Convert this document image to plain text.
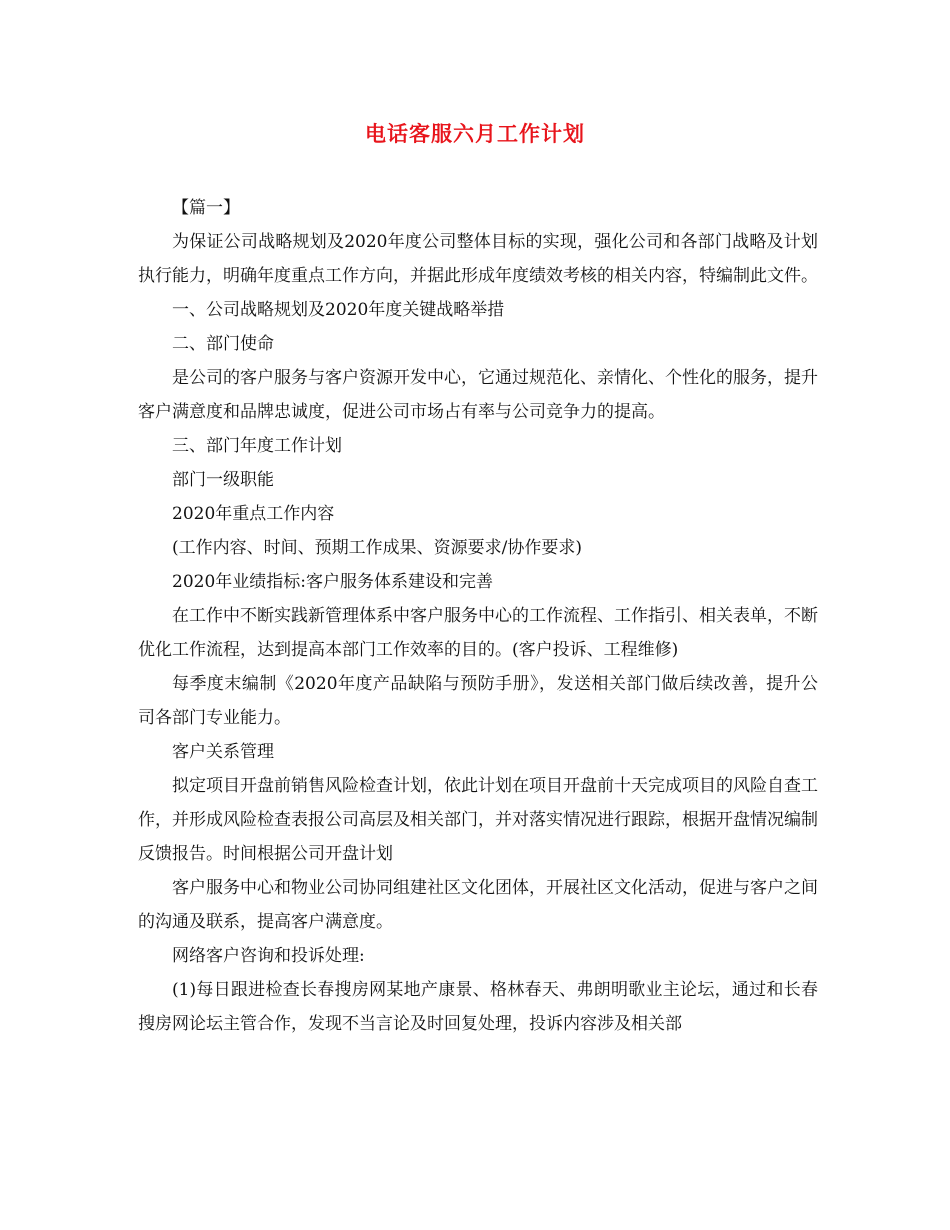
电话客服六月工作计划

【篇一】

为保证公司战略规划及2020年度公司整体目标的实现，强化公司和各部门战略及计划执行能力，明确年度重点工作方向，并据此形成年度绩效考核的相关内容，特编制此文件。

一、公司战略规划及2020年度关键战略举措

二、部门使命

是公司的客户服务与客户资源开发中心，它通过规范化、亲情化、个性化的服务，提升客户满意度和品牌忠诚度，促进公司市场占有率与公司竞争力的提高。

三、部门年度工作计划

部门一级职能

2020年重点工作内容

(工作内容、时间、预期工作成果、资源要求/协作要求)

2020年业绩指标:客户服务体系建设和完善

在工作中不断实践新管理体系中客户服务中心的工作流程、工作指引、相关表单，不断优化工作流程，达到提高本部门工作效率的目的。(客户投诉、工程维修)

每季度末编制《2020年度产品缺陷与预防手册》，发送相关部门做后续改善，提升公司各部门专业能力。

客户关系管理

拟定项目开盘前销售风险检查计划，依此计划在项目开盘前十天完成项目的风险自查工作，并形成风险检查表报公司高层及相关部门，并对落实情况进行跟踪，根据开盘情况编制反馈报告。时间根据公司开盘计划

客户服务中心和物业公司协同组建社区文化团体，开展社区文化活动，促进与客户之间的沟通及联系，提高客户满意度。

网络客户咨询和投诉处理:

(1)每日跟进检查长春搜房网某地产康景、格林春天、弗朗明歌业主论坛，通过和长春搜房网论坛主管合作，发现不当言论及时回复处理，投诉内容涉及相关部
